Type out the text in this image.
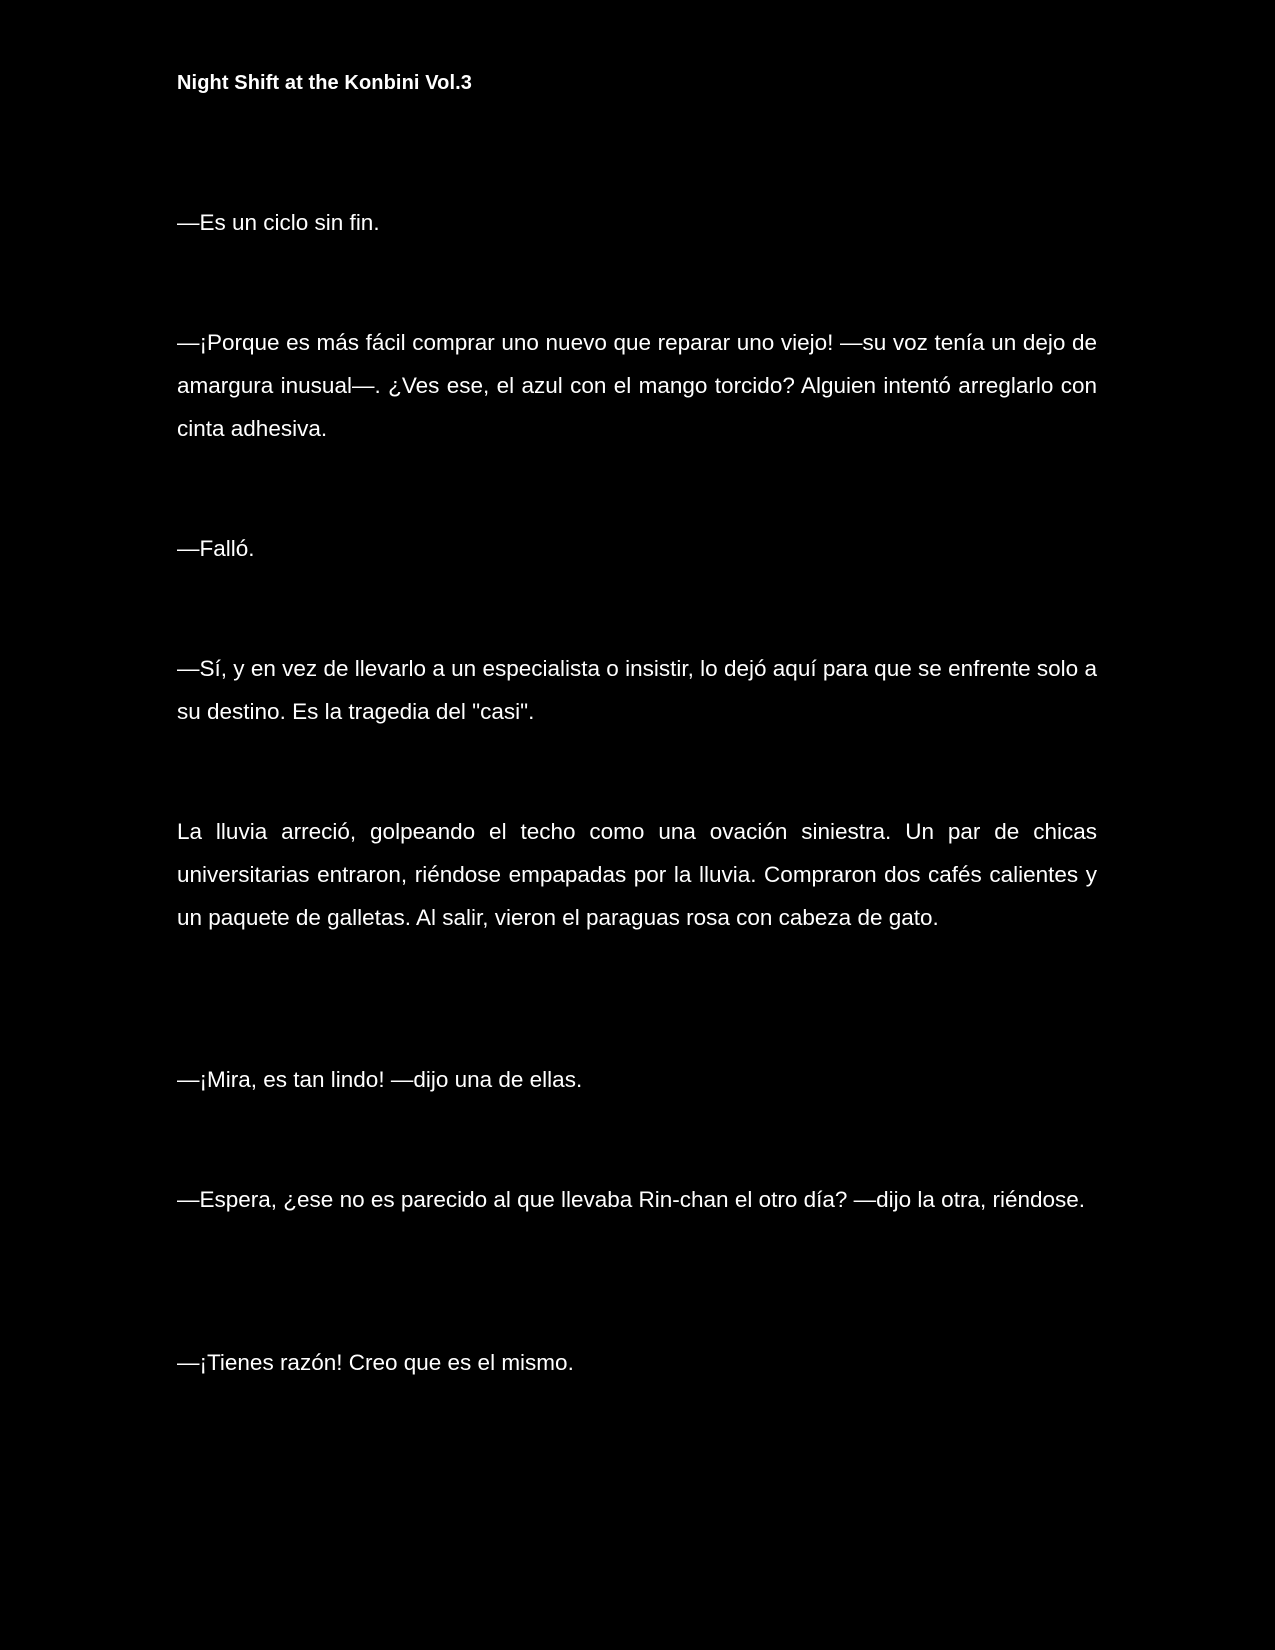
Night Shift at the Konbini Vol.3

—Es un ciclo sin fin.

—¡Porque es más fácil comprar uno nuevo que reparar uno viejo! —su voz tenía un dejo de amargura inusual—. ¿Ves ese, el azul con el mango torcido? Alguien intentó arreglarlo con cinta adhesiva.

—Falló.

—Sí, y en vez de llevarlo a un especialista o insistir, lo dejó aquí para que se enfrente solo a su destino. Es la tragedia del "casi".

La lluvia arreció, golpeando el techo como una ovación siniestra. Un par de chicas universitarias entraron, riéndose empapadas por la lluvia. Compraron dos cafés calientes y un paquete de galletas. Al salir, vieron el paraguas rosa con cabeza de gato.

—¡Mira, es tan lindo! —dijo una de ellas.

—Espera, ¿ese no es parecido al que llevaba Rin-chan el otro día? —dijo la otra, riéndose.

—¡Tienes razón! Creo que es el mismo.
